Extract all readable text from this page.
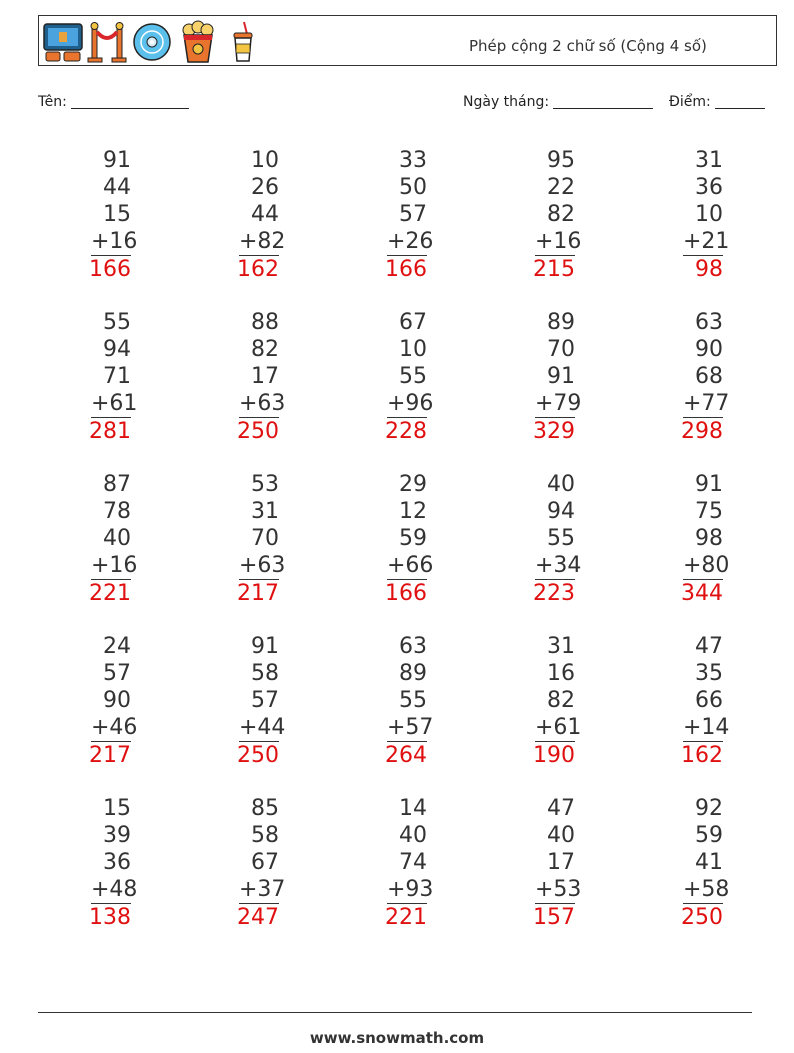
Phép cộng 2 chữ số (Cộng 4 số)
Tên:	Ngày tháng:	Điểm:
91
44
15
+16
166
10
26
44
+82
162
33
50
57
+26
166
95
22
82
+16
215
31
36
10
+21
98
55
94
71
+61
281
88
82
17
+63
250
67
10
55
+96
228
89
70
91
+79
329
63
90
68
+77
298
87
78
40
+16
221
53
31
70
+63
217
29
12
59
+66
166
40
94
55
+34
223
91
75
98
+80
344
24
57
90
+46
217
91
58
57
+44
250
63
89
55
+57
264
31
16
82
+61
190
47
35
66
+14
162
15
39
36
+48
138
85
58
67
+37
247
14
40
74
+93
221
47
40
17
+53
157
92
59
41
+58
250
www.snowmath.com
